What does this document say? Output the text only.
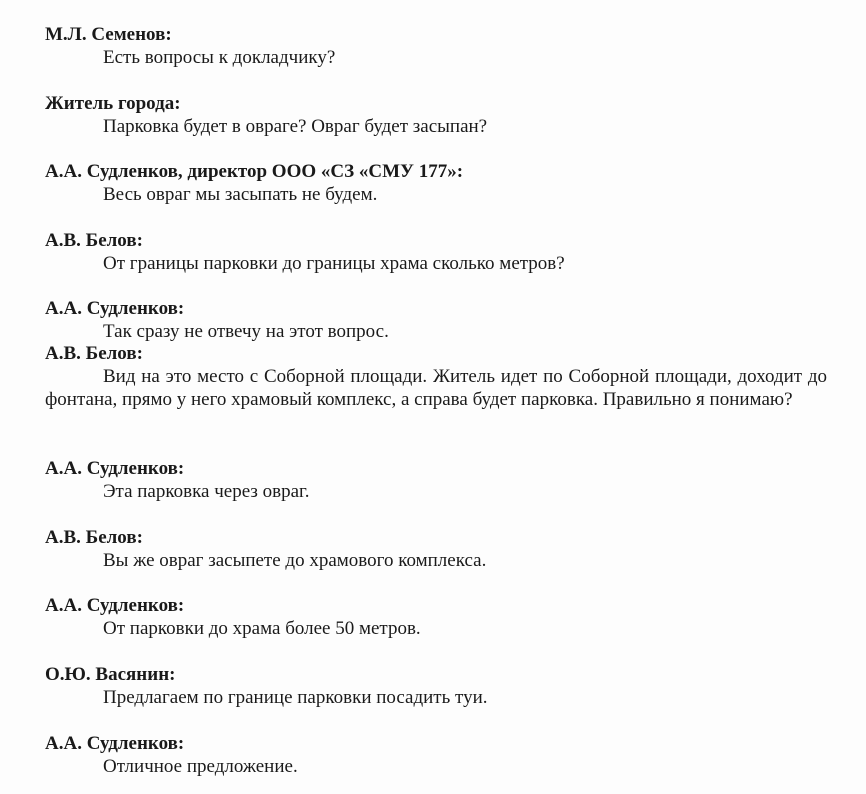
М.Л. Семенов:

Есть вопросы к докладчику?

Житель города:

Парковка будет в овраге? Овраг будет засыпан?

А.А. Судленков, директор ООО «СЗ «СМУ 177»:

Весь овраг мы засыпать не будем.

А.В. Белов:

От границы парковки до границы храма сколько метров?

А.А. Судленков:

Так сразу не отвечу на этот вопрос.

А.В. Белов:

Вид на это место с Соборной площади. Житель идет по Соборной площади, доходит до фонтана, прямо у него храмовый комплекс, а справа будет парковка. Правильно я понимаю?

А.А. Судленков:

Эта парковка через овраг.

А.В. Белов:

Вы же овраг засыпете до храмового комплекса.

А.А. Судленков:

От парковки до храма более 50 метров.

О.Ю. Васянин:

Предлагаем по границе парковки посадить туи.

А.А. Судленков:

Отличное предложение.
